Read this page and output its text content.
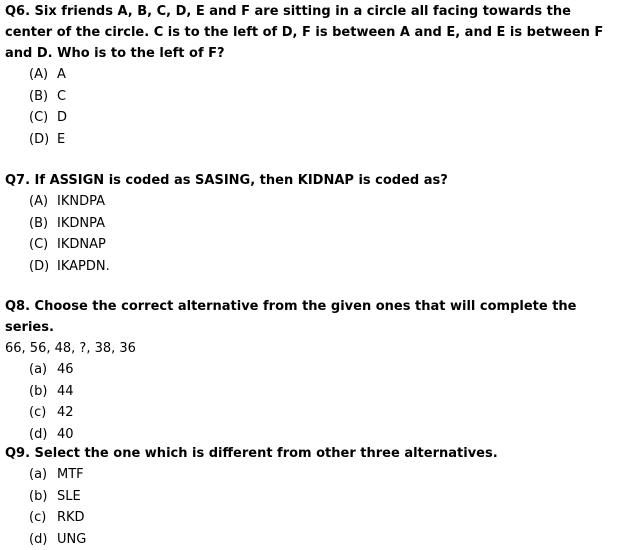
Q6. Six friends A, B, C, D, E and F are sitting in a circle all facing towards the center of the circle. C is to the left of D, F is between A and E, and E is between F and D. Who is to the left of F?

(A) A
(B) C
(C) D
(D) E

Q7. If ASSIGN is coded as SASING, then KIDNAP is coded as?

(A) IKNDPA
(B) IKDNPA
(C) IKDNAP
(D) IKAPDN.

Q8. Choose the correct alternative from the given ones that will complete the series.

66, 56, 48, ?, 38, 36

(a) 46
(b) 44
(c) 42
(d) 40

Q9. Select the one which is different from other three alternatives.

(a) MTF
(b) SLE
(c) RKD
(d) UNG
